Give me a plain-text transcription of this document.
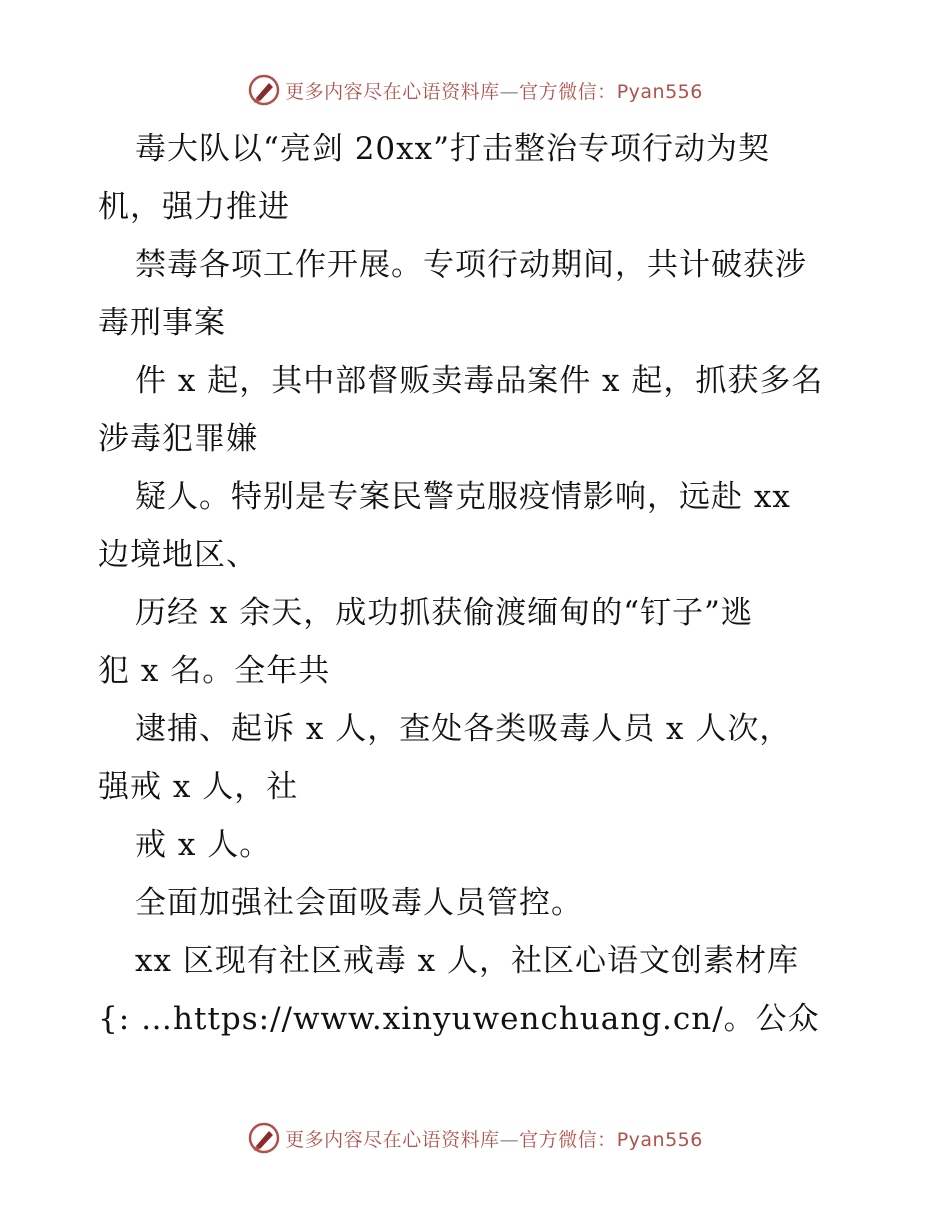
更多内容尽在心语资料库—官方微信：Pyan556
毒大队以“亮剑 20xx”打击整治专项行动为契
机，强力推进
禁毒各项工作开展。专项行动期间，共计破获涉
毒刑事案
件 x 起，其中部督贩卖毒品案件 x 起，抓获多名
涉毒犯罪嫌
疑人。特别是专案民警克服疫情影响，远赴 xx
边境地区、
历经 x 余天，成功抓获偷渡缅甸的“钉子”逃
犯 x 名。全年共
逮捕、起诉 x 人，查处各类吸毒人员 x 人次，
强戒 x 人，社
戒 x 人。
全面加强社会面吸毒人员管控。
xx 区现有社区戒毒 x 人，社区心语文创素材库
{: …https://www.xinyuwenchuang.cn/。公众
更多内容尽在心语资料库—官方微信：Pyan556
